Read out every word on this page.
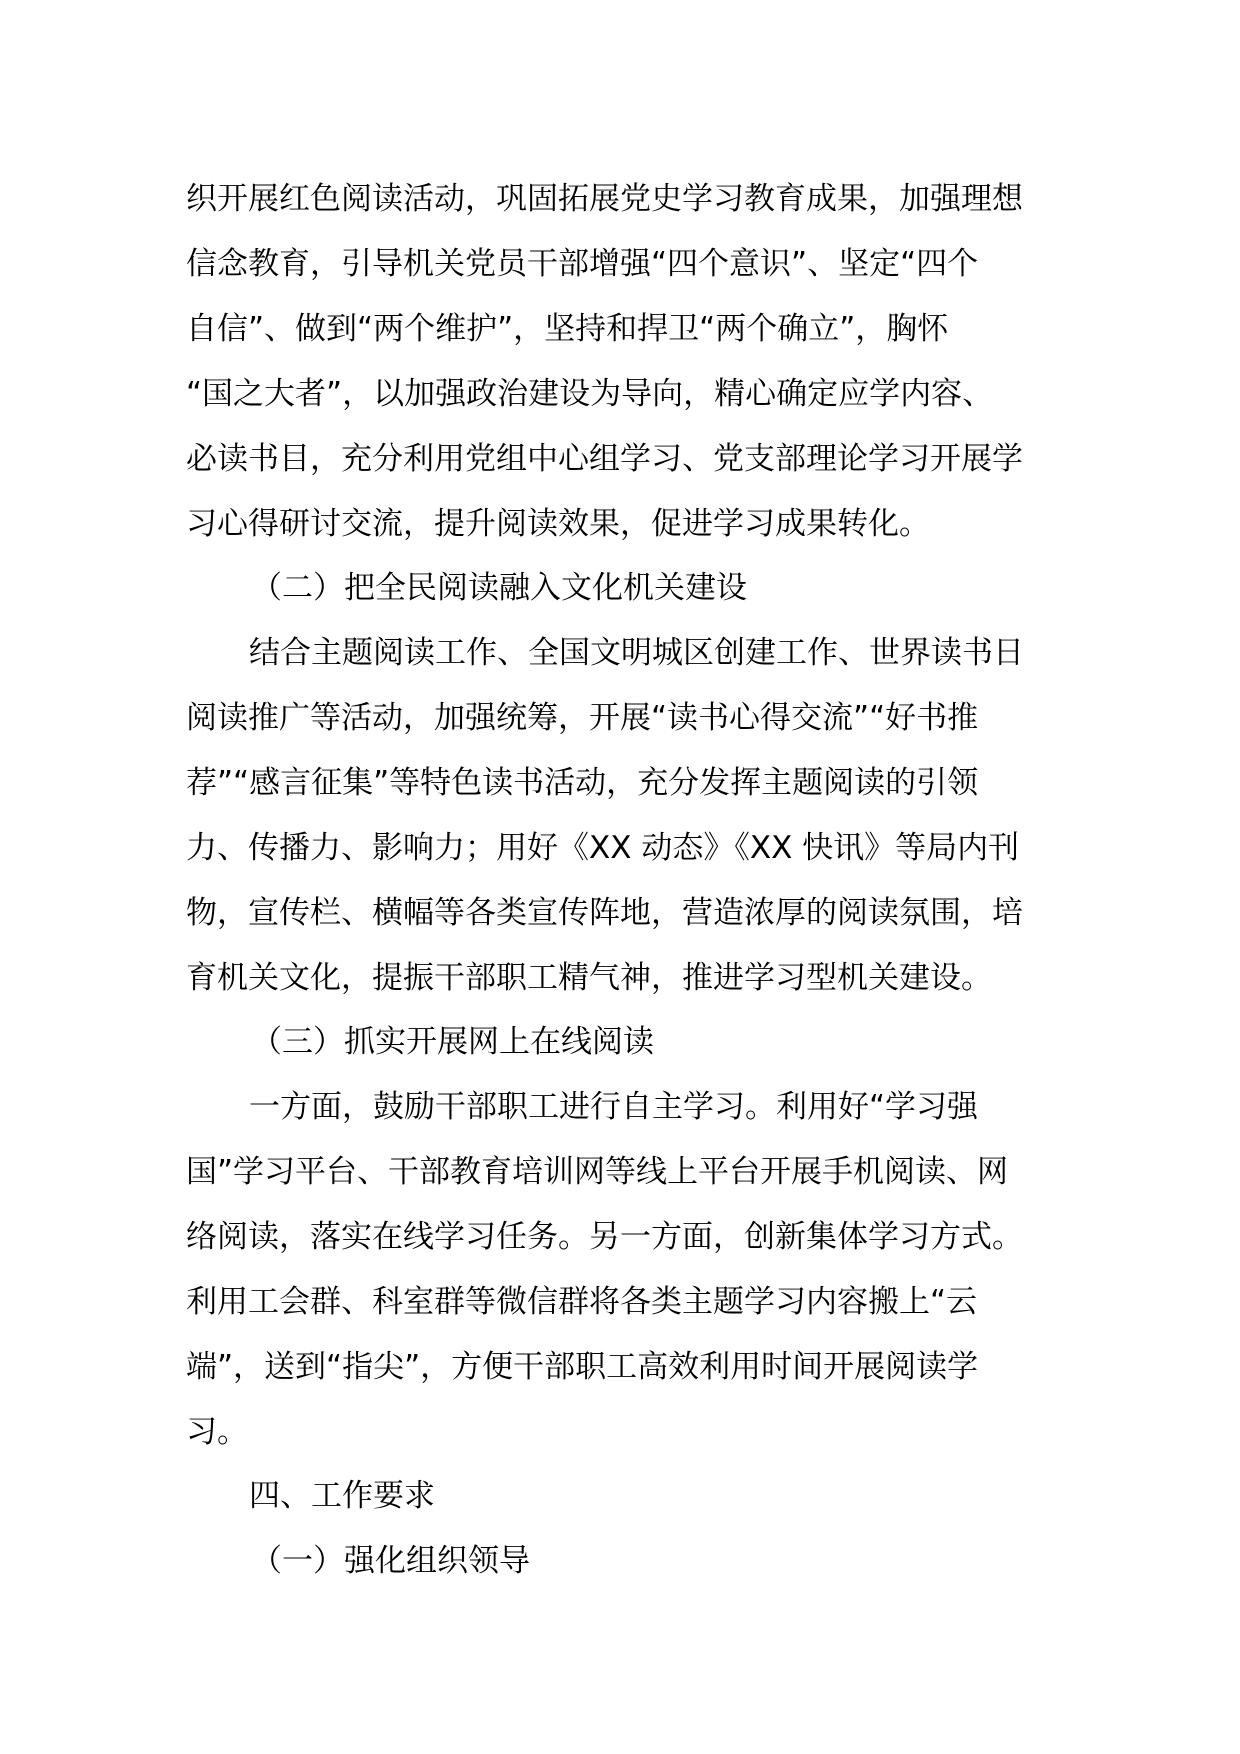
织开展红色阅读活动，巩固拓展党史学习教育成果，加强理想
信念教育，引导机关党员干部增强“四个意识”、坚定“四个
自信”、做到“两个维护”，坚持和捍卫“两个确立”，胸怀
“国之大者”，以加强政治建设为导向，精心确定应学内容、
必读书目，充分利用党组中心组学习、党支部理论学习开展学
习心得研讨交流，提升阅读效果，促进学习成果转化。
（二）把全民阅读融入文化机关建设
结合主题阅读工作、全国文明城区创建工作、世界读书日
阅读推广等活动，加强统筹，开展“读书心得交流”“好书推
荐”“感言征集”等特色读书活动，充分发挥主题阅读的引领
力、传播力、影响力；用好《XX 动态》《XX 快讯》等局内刊
物，宣传栏、横幅等各类宣传阵地，营造浓厚的阅读氛围，培
育机关文化，提振干部职工精气神，推进学习型机关建设。
（三）抓实开展网上在线阅读
一方面，鼓励干部职工进行自主学习。利用好“学习强
国”学习平台、干部教育培训网等线上平台开展手机阅读、网
络阅读，落实在线学习任务。另一方面，创新集体学习方式。
利用工会群、科室群等微信群将各类主题学习内容搬上“云
端”，送到“指尖”，方便干部职工高效利用时间开展阅读学
习。
四、工作要求
（一）强化组织领导
